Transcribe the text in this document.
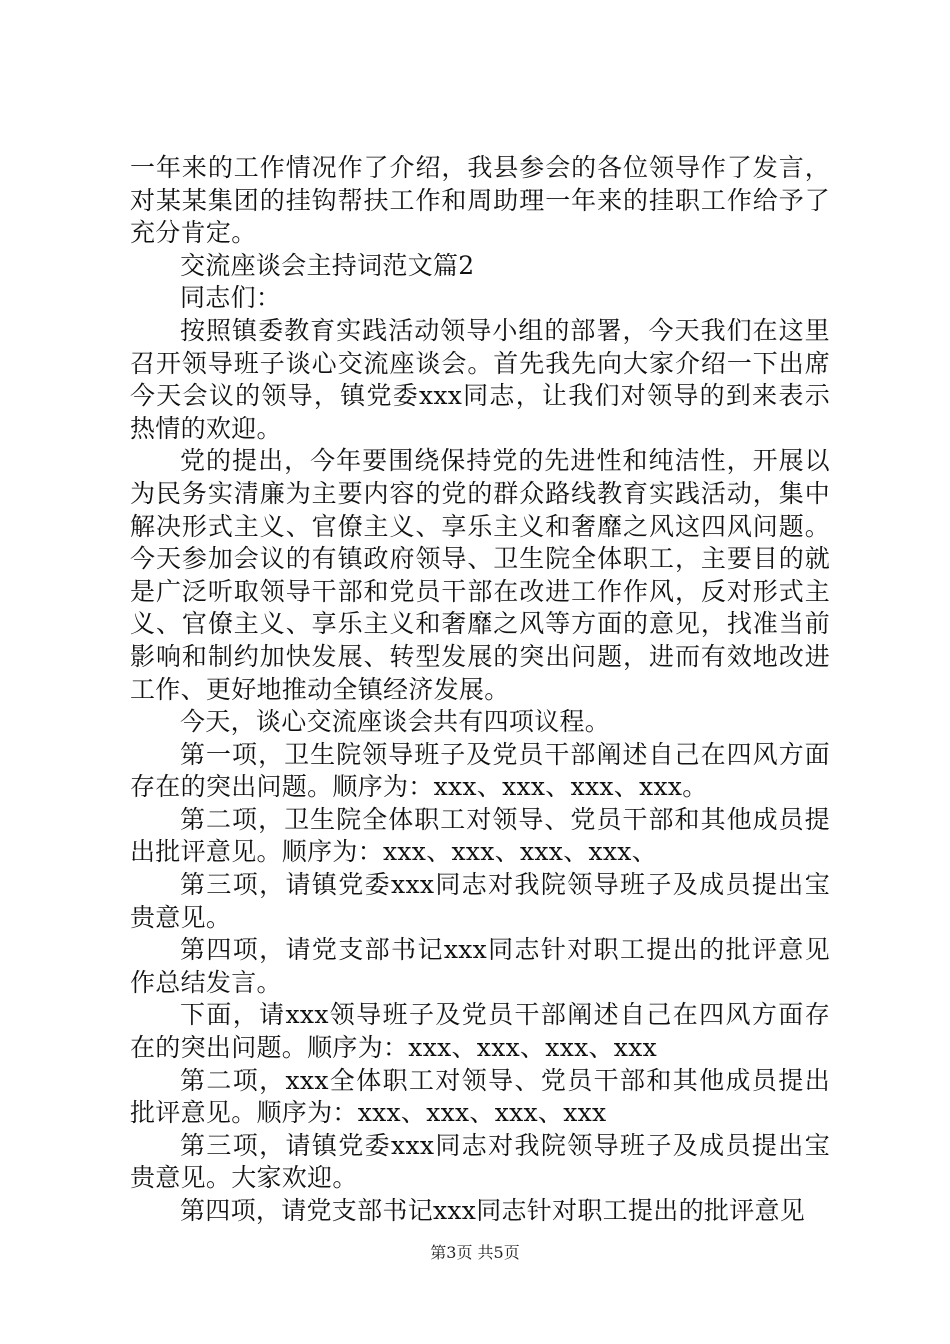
一年来的工作情况作了介绍，我县参会的各位领导作了发言，对某某集团的挂钩帮扶工作和周助理一年来的挂职工作给予了充分肯定。

交流座谈会主持词范文篇2

同志们：

按照镇委教育实践活动领导小组的部署，今天我们在这里召开领导班子谈心交流座谈会。首先我先向大家介绍一下出席今天会议的领导，镇党委xxx同志，让我们对领导的到来表示热情的欢迎。

党的提出，今年要围绕保持党的先进性和纯洁性，开展以为民务实清廉为主要内容的党的群众路线教育实践活动，集中解决形式主义、官僚主义、享乐主义和奢靡之风这四风问题。今天参加会议的有镇政府领导、卫生院全体职工，主要目的就是广泛听取领导干部和党员干部在改进工作作风，反对形式主义、官僚主义、享乐主义和奢靡之风等方面的意见，找准当前影响和制约加快发展、转型发展的突出问题，进而有效地改进工作、更好地推动全镇经济发展。

今天，谈心交流座谈会共有四项议程。

第一项，卫生院领导班子及党员干部阐述自己在四风方面存在的突出问题。顺序为：xxx、xxx、xxx、xxx。

第二项，卫生院全体职工对领导、党员干部和其他成员提出批评意见。顺序为：xxx、xxx、xxx、xxx、

第三项，请镇党委xxx同志对我院领导班子及成员提出宝贵意见。

第四项，请党支部书记xxx同志针对职工提出的批评意见作总结发言。

下面，请xxx领导班子及党员干部阐述自己在四风方面存在的突出问题。顺序为：xxx、xxx、xxx、xxx

第二项，xxx全体职工对领导、党员干部和其他成员提出批评意见。顺序为：xxx、xxx、xxx、xxx

第三项，请镇党委xxx同志对我院领导班子及成员提出宝贵意见。大家欢迎。

第四项，请党支部书记xxx同志针对职工提出的批评意见

第3页 共5页
